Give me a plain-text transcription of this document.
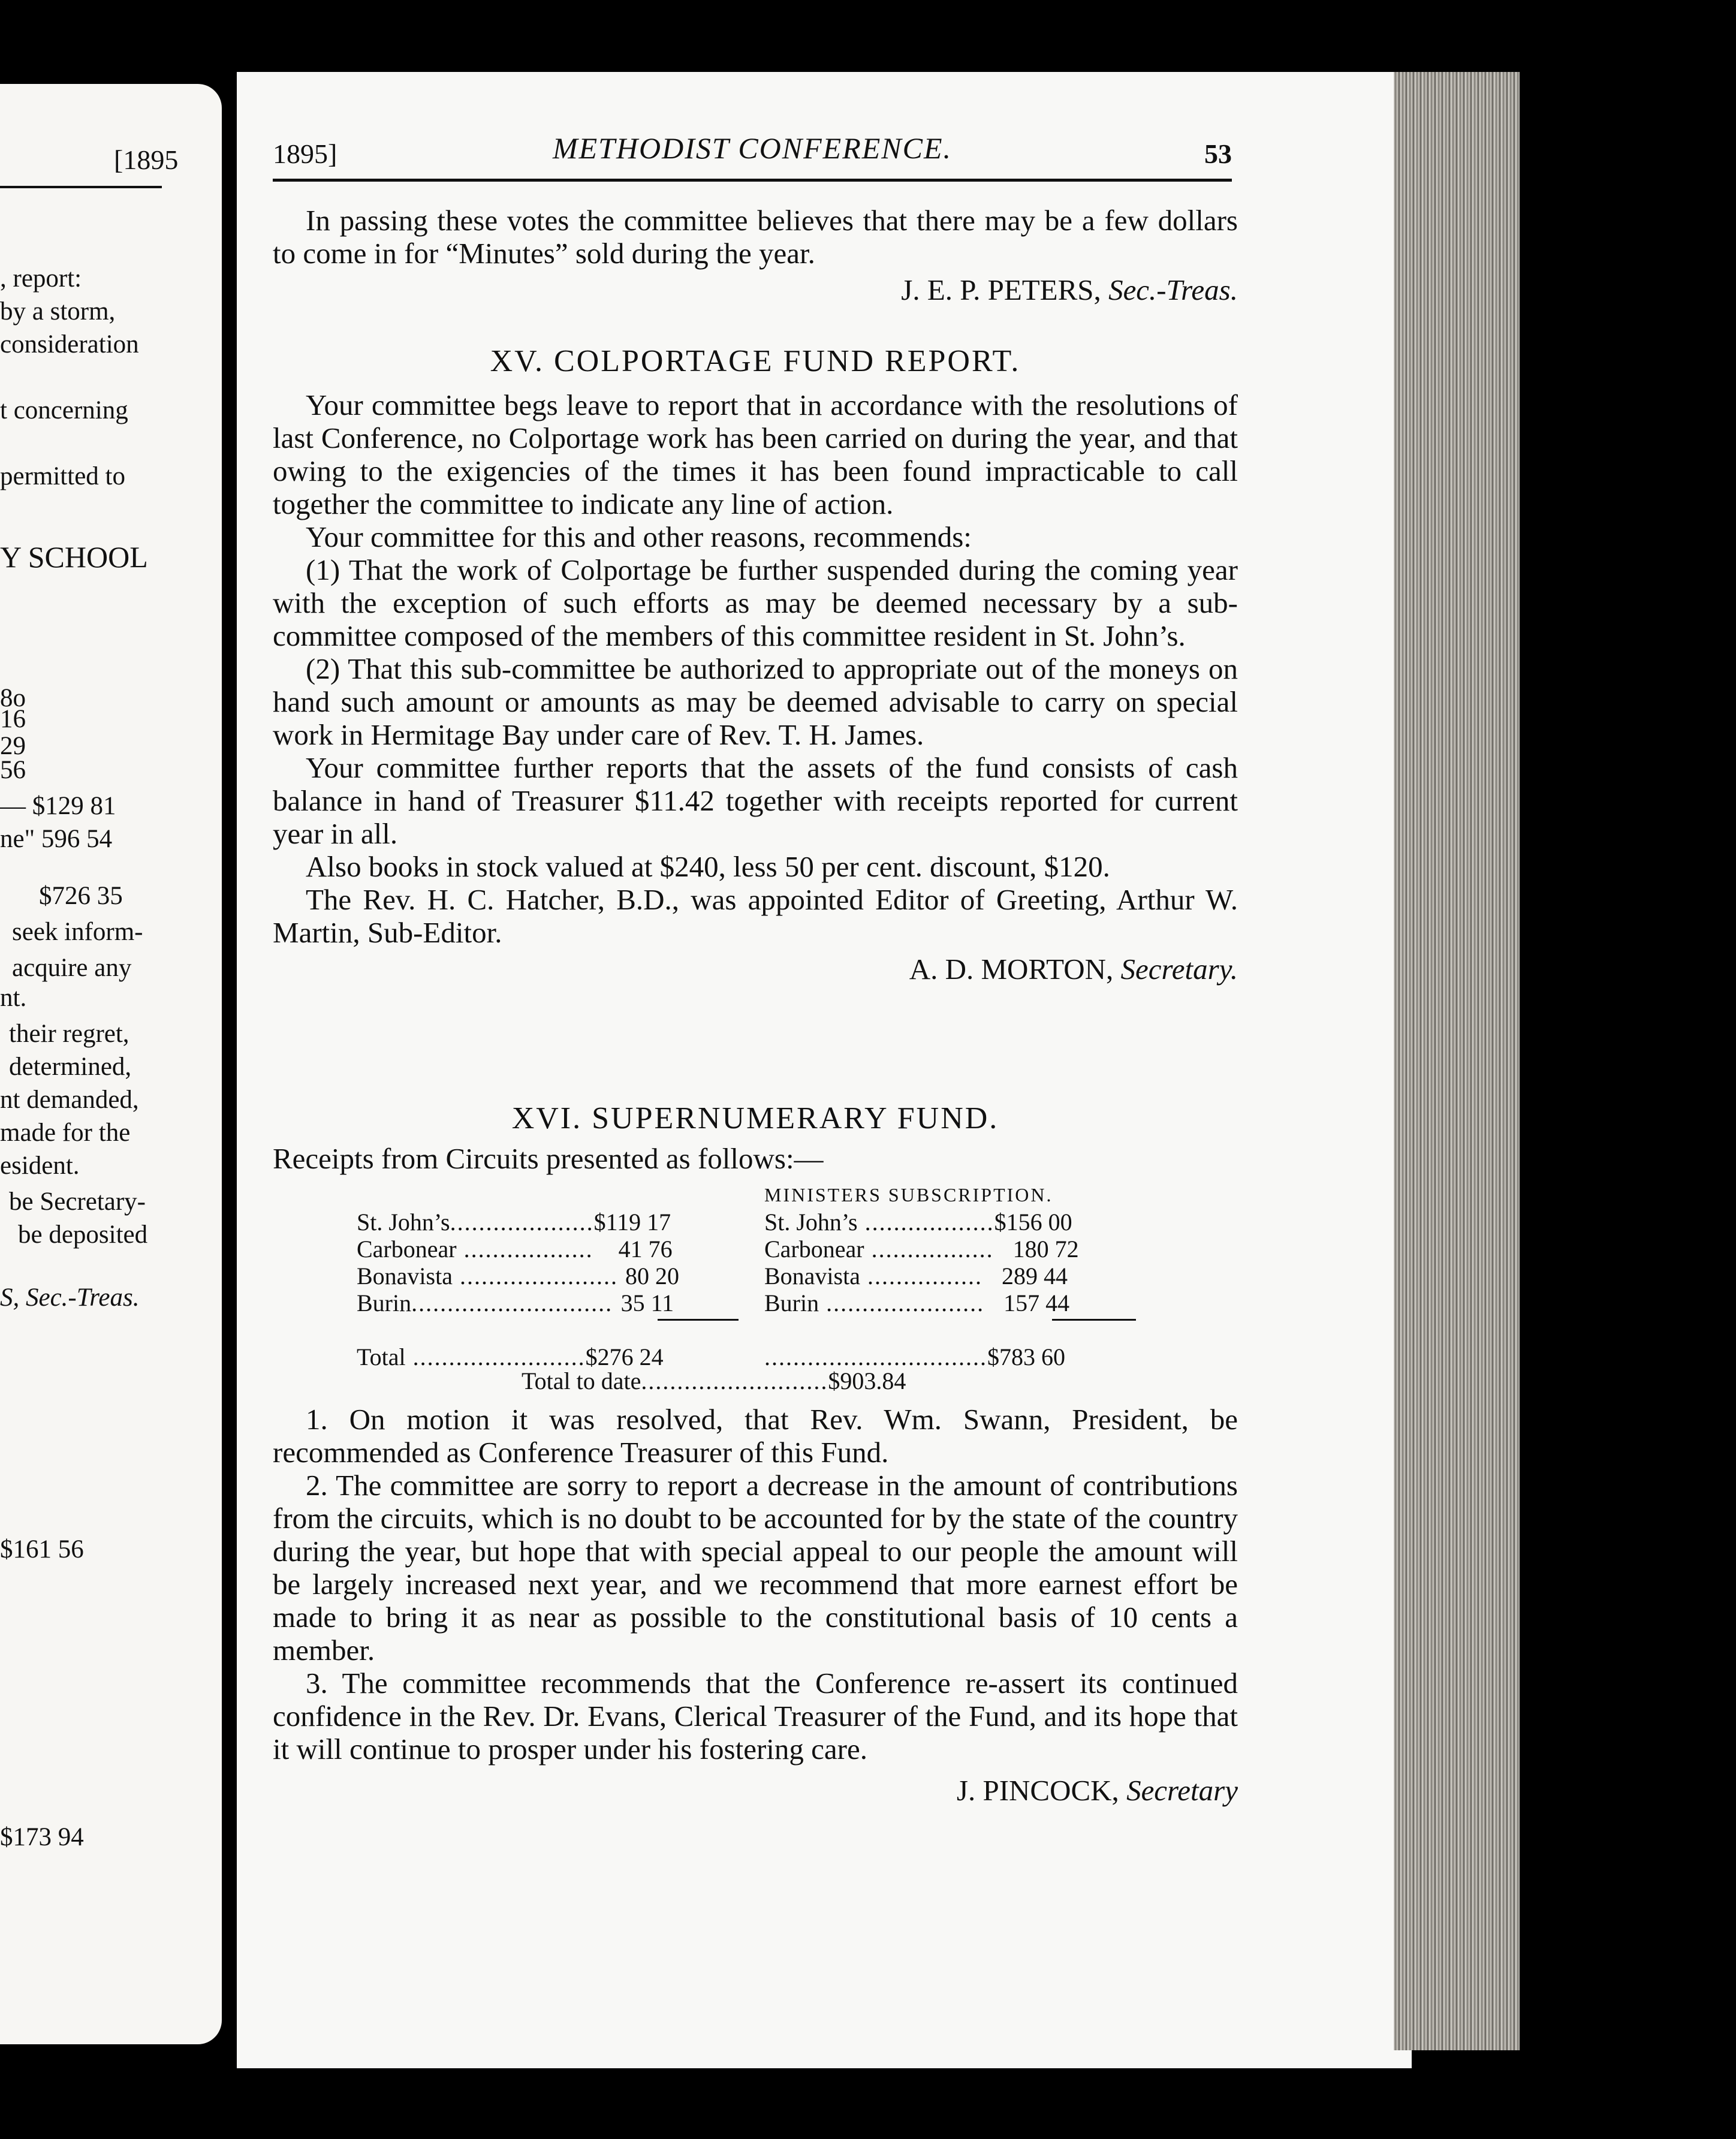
[1895
, report:
by a storm,
consideration
t concerning
permitted to
Y SCHOOL
8o
16
29
56
— $129 81
ne" 596 54
$726 35
seek inform-
acquire any
nt.
their regret,
determined,
nt demanded,
made for the
esident.
be Secretary-
be deposited
S, Sec.-Treas.
$161 56
$173 94
1895]	METHODIST CONFERENCE.	53

In passing these votes the committee believes that there may be a few dollars to come in for “Minutes” sold during the year.

J. E. P. PETERS, Sec.-Treas.

XV. COLPORTAGE FUND REPORT.

Your committee begs leave to report that in accordance with the resolutions of last Conference, no Colportage work has been carried on during the year, and that owing to the exigencies of the times it has been found impracticable to call together the committee to indicate any line of action.

Your committee for this and other reasons, recommends:

(1) That the work of Colportage be further suspended during the coming year with the exception of such efforts as may be deemed necessary by a sub-committee composed of the members of this committee resident in St. John’s.

(2) That this sub-committee be authorized to appropriate out of the moneys on hand such amount or amounts as may be deemed advisable to carry on special work in Hermitage Bay under care of Rev. T. H. James.

Your committee further reports that the assets of the fund consists of cash balance in hand of Treasurer $11.42 together with receipts reported for current year in all.

Also books in stock valued at $240, less 50 per cent. discount, $120.

The Rev. H. C. Hatcher, B.D., was appointed Editor of Greeting, Arthur W. Martin, Sub-Editor.

A. D. MORTON, Secretary.

XVI. SUPERNUMERARY FUND.

Receipts from Circuits presented as follows:—

MINISTERS SUBSCRIPTION.
St. John’s....................$119 17	St. John’s ..................$156 00
Carbonear .................. 41 76	Carbonear ................. 180 72
Bonavista ...................... 80 20	Bonavista ................ 289 44
Burin............................ 35 11	Burin ...................... 157 44
Total ........................$276 24	...............................$783 60
Total to date..........................$903.84

1. On motion it was resolved, that Rev. Wm. Swann, President, be recommended as Conference Treasurer of this Fund.

2. The committee are sorry to report a decrease in the amount of contributions from the circuits, which is no doubt to be accounted for by the state of the country during the year, but hope that with special appeal to our people the amount will be largely increased next year, and we recommend that more earnest effort be made to bring it as near as possible to the constitutional basis of 10 cents a member.

3. The committee recommends that the Conference re-assert its continued confidence in the Rev. Dr. Evans, Clerical Treasurer of the Fund, and its hope that it will continue to prosper under his fostering care.

J. PINCOCK, Secretary
